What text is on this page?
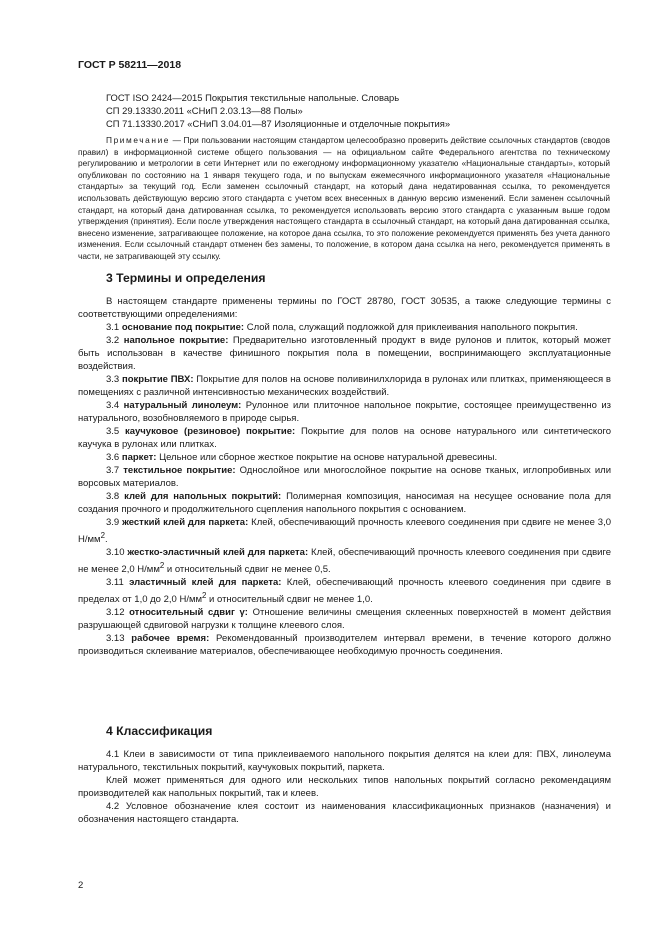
ГОСТ Р 58211—2018
ГОСТ ISO 2424—2015 Покрытия текстильные напольные. Словарь
СП 29.13330.2011 «СНиП 2.03.13—88 Полы»
СП 71.13330.2017 «СНиП 3.04.01—87 Изоляционные и отделочные покрытия»
Примечание — При пользовании настоящим стандартом целесообразно проверить действие ссылочных стандартов (сводов правил) в информационной системе общего пользования — на официальном сайте Федерального агентства по техническому регулированию и метрологии в сети Интернет или по ежегодному информационному указателю «Национальные стандарты», который опубликован по состоянию на 1 января текущего года, и по выпускам ежемесячного информационного указателя «Национальные стандарты» за текущий год. Если заменен ссылочный стандарт, на который дана недатированная ссылка, то рекомендуется использовать действующую версию этого стандарта с учетом всех внесенных в данную версию изменений. Если заменен ссылочный стандарт, на который дана датированная ссылка, то рекомендуется использовать версию этого стандарта с указанным выше годом утверждения (принятия). Если после утверждения настоящего стандарта в ссылочный стандарт, на который дана датированная ссылка, внесено изменение, затрагивающее положение, на которое дана ссылка, то это положение рекомендуется применять без учета данного изменения. Если ссылочный стандарт отменен без замены, то положение, в котором дана ссылка на него, рекомендуется применять в части, не затрагивающей эту ссылку.
3 Термины и определения

В настоящем стандарте применены термины по ГОСТ 28780, ГОСТ 30535, а также следующие термины с соответствующими определениями:

3.1 основание под покрытие: Слой пола, служащий подложкой для приклеивания напольного покрытия.

3.2 напольное покрытие: Предварительно изготовленный продукт в виде рулонов и плиток, который может быть использован в качестве финишного покрытия пола в помещении, воспринимающего эксплуатационные воздействия.

3.3 покрытие ПВХ: Покрытие для полов на основе поливинилхлорида в рулонах или плитках, применяющееся в помещениях с различной интенсивностью механических воздействий.

3.4 натуральный линолеум: Рулонное или плиточное напольное покрытие, состоящее преимущественно из натурального, возобновляемого в природе сырья.

3.5 каучуковое (резиновое) покрытие: Покрытие для полов на основе натурального или синтетического каучука в рулонах или плитках.

3.6 паркет: Цельное или сборное жесткое покрытие на основе натуральной древесины.

3.7 текстильное покрытие: Однослойное или многослойное покрытие на основе тканых, иглопробивных или ворсовых материалов.

3.8 клей для напольных покрытий: Полимерная композиция, наносимая на несущее основание пола для создания прочного и продолжительного сцепления напольного покрытия с основанием.

3.9 жесткий клей для паркета: Клей, обеспечивающий прочность клеевого соединения при сдвиге не менее 3,0 $Н/мм^2$.

3.10 жестко-эластичный клей для паркета: Клей, обеспечивающий прочность клеевого соединения при сдвиге не менее 2,0 $Н/мм^2$ и относительный сдвиг не менее 0,5.

3.11 эластичный клей для паркета: Клей, обеспечивающий прочность клеевого соединения при сдвиге в пределах от 1,0 до 2,0 $Н/мм^2$ и относительный сдвиг не менее 1,0.

3.12 относительный сдвиг γ: Отношение величины смещения склеенных поверхностей в момент действия разрушающей сдвиговой нагрузки к толщине клеевого слоя.

3.13 рабочее время: Рекомендованный производителем интервал времени, в течение которого должно производиться склеивание материалов, обеспечивающее необходимую прочность соединения.

4 Классификация

4.1 Клеи в зависимости от типа приклеиваемого напольного покрытия делятся на клеи для: ПВХ, линолеума натурального, текстильных покрытий, каучуковых покрытий, паркета.

Клей может применяться для одного или нескольких типов напольных покрытий согласно рекомендациям производителей как напольных покрытий, так и клеев.

4.2 Условное обозначение клея состоит из наименования классификационных признаков (назначения) и обозначения настоящего стандарта.

2
